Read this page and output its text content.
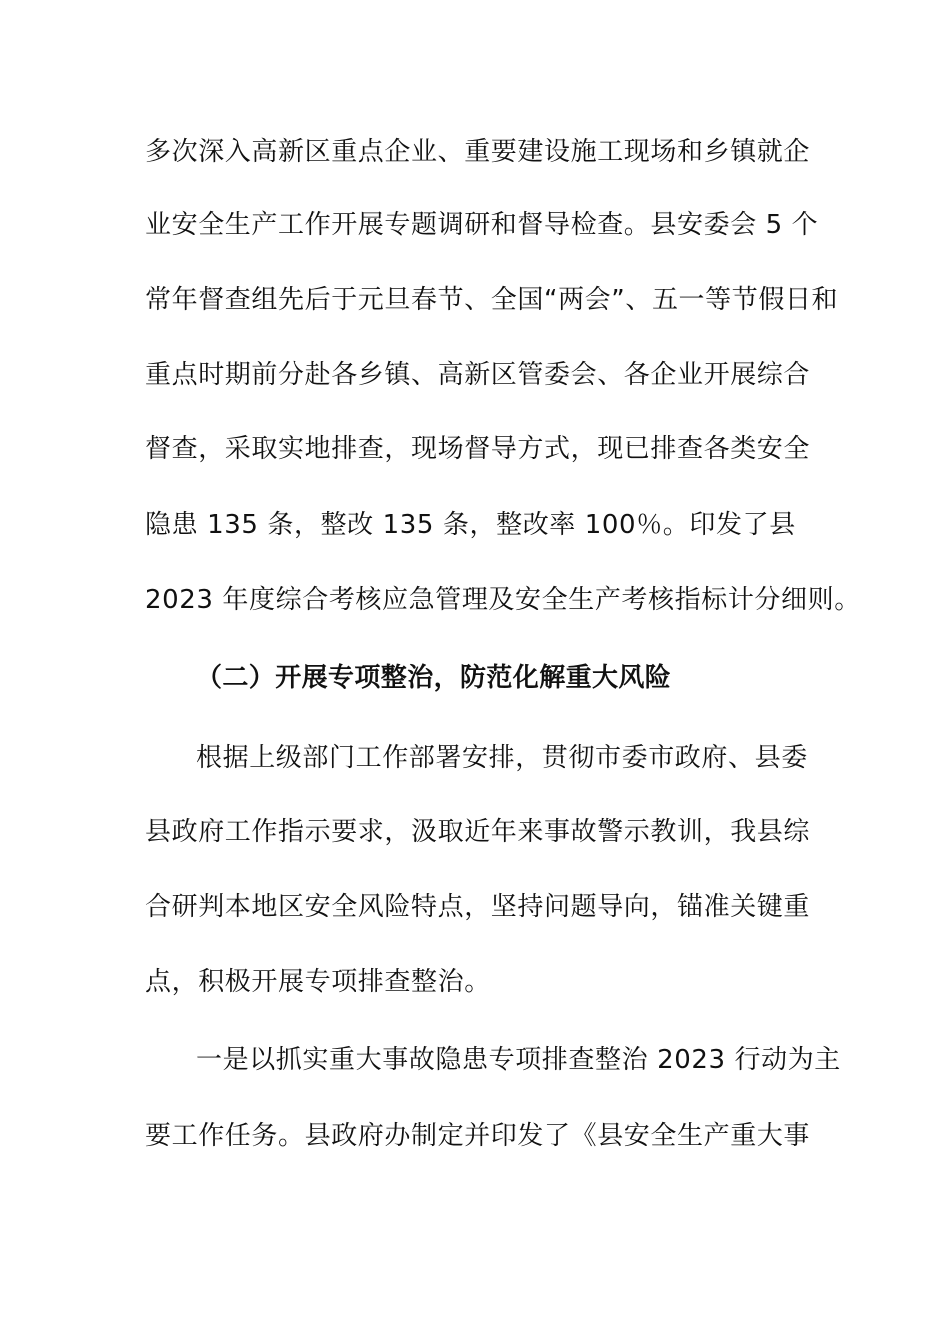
多次深入高新区重点企业、重要建设施工现场和乡镇就企
业安全生产工作开展专题调研和督导检查。县安委会 5 个
常年督查组先后于元旦春节、全国“两会”、五一等节假日和
重点时期前分赴各乡镇、高新区管委会、各企业开展综合
督查，采取实地排查，现场督导方式，现已排查各类安全
隐患 135 条，整改 135 条，整改率 100％。印发了县
2023 年度综合考核应急管理及安全生产考核指标计分细则。
（二）开展专项整治，防范化解重大风险
根据上级部门工作部署安排，贯彻市委市政府、县委
县政府工作指示要求，汲取近年来事故警示教训，我县综
合研判本地区安全风险特点，坚持问题导向，锚准关键重
点，积极开展专项排查整治。
一是以抓实重大事故隐患专项排查整治 2023 行动为主
要工作任务。县政府办制定并印发了《县安全生产重大事
